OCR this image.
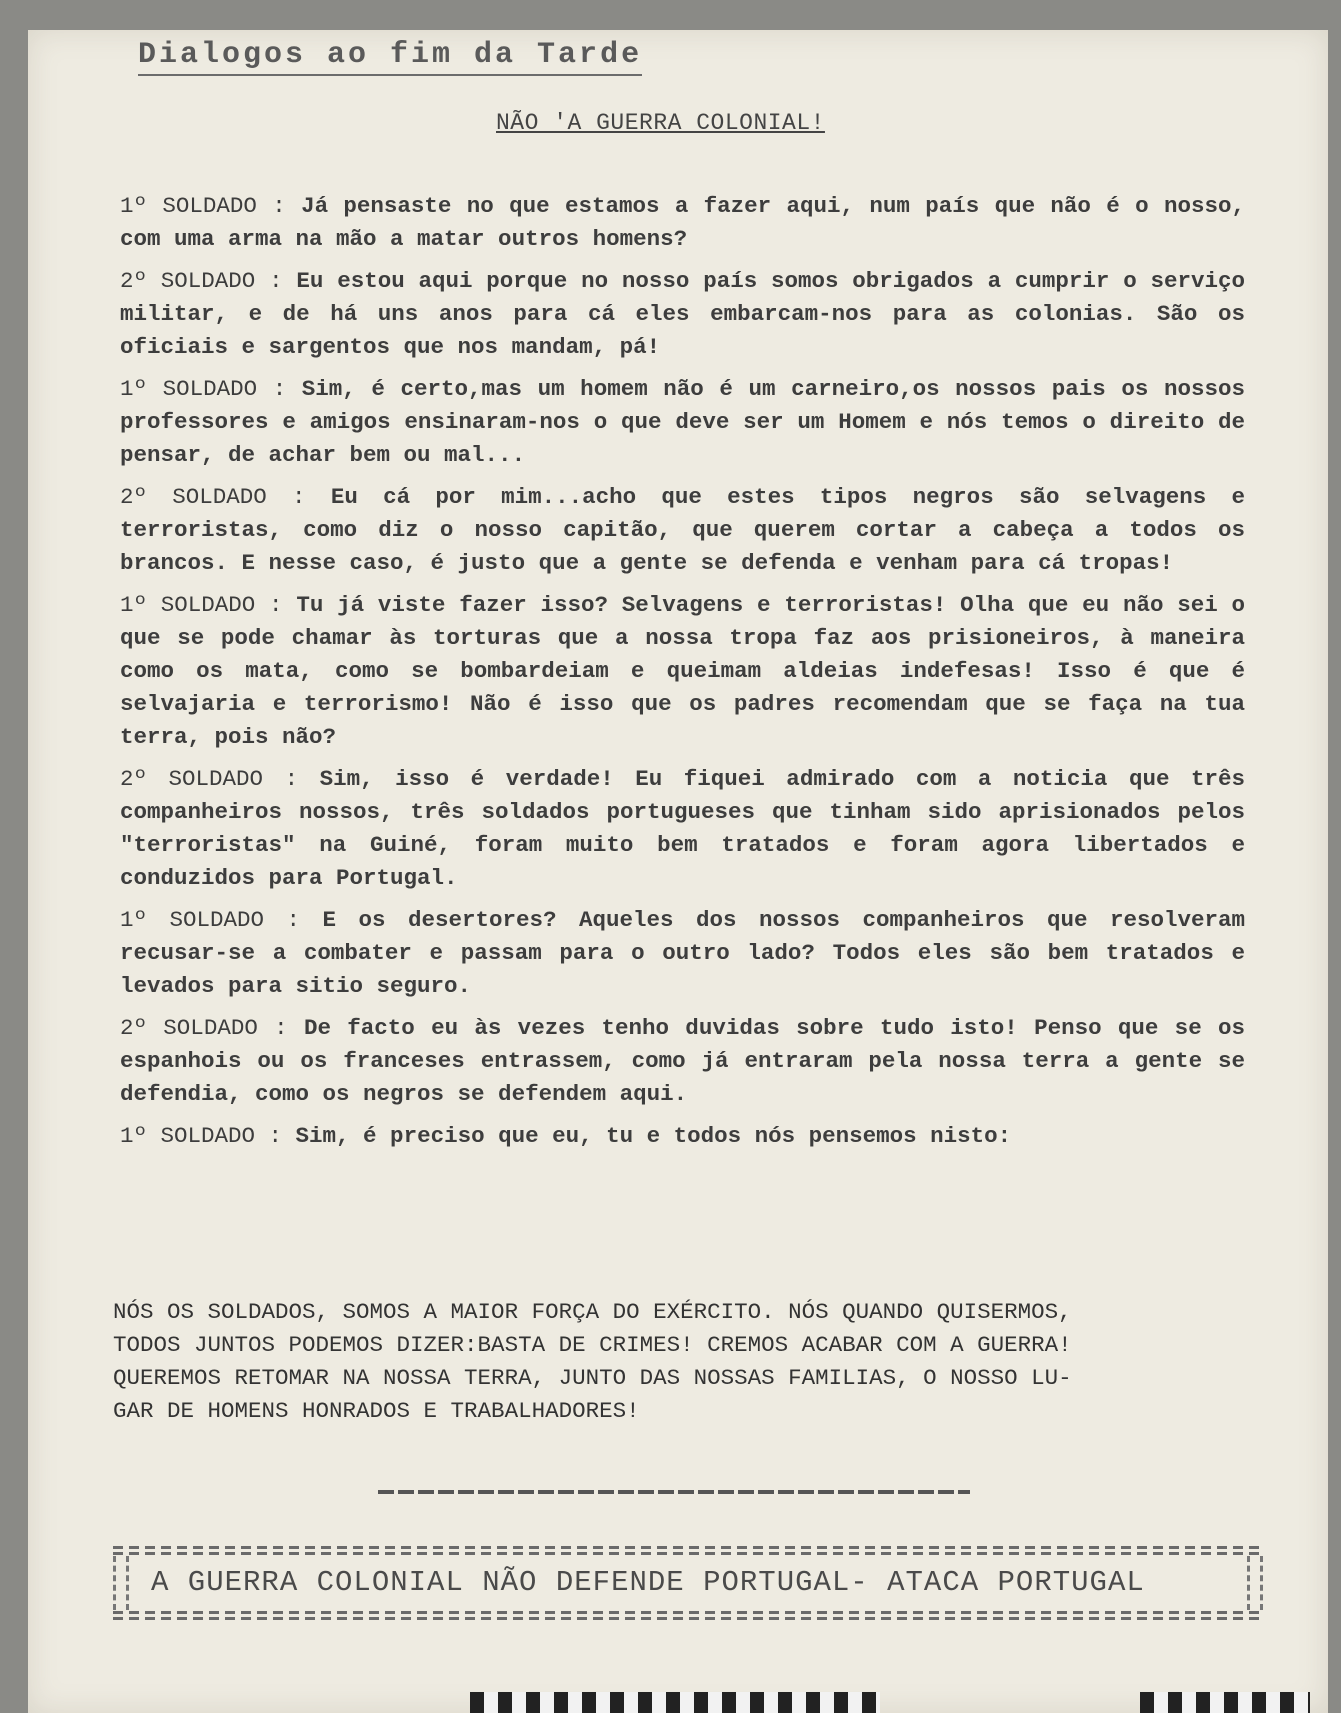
Dialogos ao fim da Tarde
NÃO 'A GUERRA COLONIAL!

1º SOLDADO : Já pensaste no que estamos a fazer aqui, num país que não é o nosso, com uma arma na mão a matar outros homens?

2º SOLDADO : Eu estou aqui porque no nosso país somos obrigados a cumprir o serviço militar, e de há uns anos para cá eles embarcam-nos para as colonias. São os oficiais e sargentos que nos mandam, pá!

1º SOLDADO : Sim, é certo,mas um homem não é um carneiro,os nossos pais os nossos professores e amigos ensinaram-nos o que deve ser um Homem e nós temos o direito de pensar, de achar bem ou mal...

2º SOLDADO : Eu cá por mim...acho que estes tipos negros são selvagens e terroristas, como diz o nosso capitão, que querem cortar a cabeça a todos os brancos. E nesse caso, é justo que a gente se defenda e venham para cá tropas!

1º SOLDADO : Tu já viste fazer isso? Selvagens e terroristas! Olha que eu não sei o que se pode chamar às torturas que a nossa tropa faz aos prisioneiros, à maneira como os mata, como se bombardeiam e queimam aldeias indefesas! Isso é que é selvajaria e terrorismo! Não é isso que os padres recomendam que se faça na tua terra, pois não?

2º SOLDADO : Sim, isso é verdade! Eu fiquei admirado com a noticia que três companheiros nossos, três soldados portugueses que tinham sido aprisionados pelos "terroristas" na Guiné, foram muito bem tratados e foram agora libertados e conduzidos para Portugal.

1º SOLDADO : E os desertores? Aqueles dos nossos companheiros que resolveram recusar-se a combater e passam para o outro lado? Todos eles são bem tratados e levados para sitio seguro.

2º SOLDADO : De facto eu às vezes tenho duvidas sobre tudo isto! Penso que se os espanhois ou os franceses entrassem, como já entraram pela nossa terra a gente se defendia, como os negros se defendem aqui.

1º SOLDADO : Sim, é preciso que eu, tu e todos nós pensemos nisto:

NÓS OS SOLDADOS, SOMOS A MAIOR FORÇA DO EXÉRCITO. NÓS QUANDO QUISERMOS,

TODOS JUNTOS PODEMOS DIZER:BASTA DE CRIMES! CREMOS ACABAR COM A GUERRA!

QUEREMOS RETOMAR NA NOSSA TERRA, JUNTO DAS NOSSAS FAMILIAS, O NOSSO LU-

GAR DE HOMENS HONRADOS E TRABALHADORES!

A GUERRA COLONIAL NÃO DEFENDE PORTUGAL- ATACA PORTUGAL
